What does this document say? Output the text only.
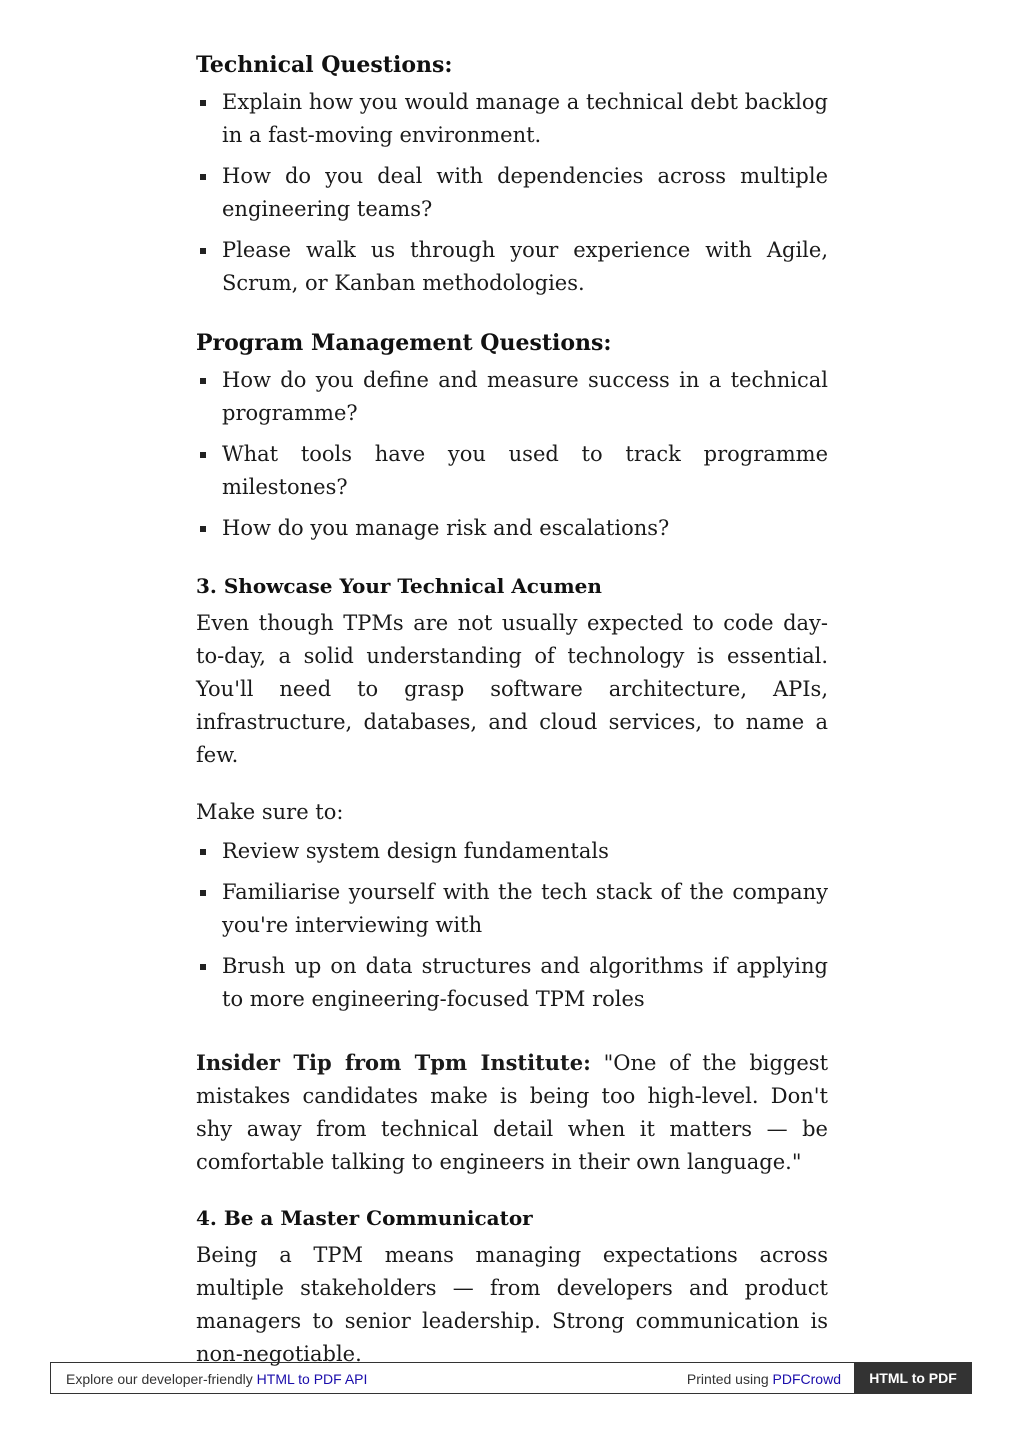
Technical Questions:
Explain how you would manage a technical debt backlog in a fast-moving environment.
How do you deal with dependencies across multiple engineering teams?
Please walk us through your experience with Agile, Scrum, or Kanban methodologies.
Program Management Questions:
How do you define and measure success in a technical programme?
What tools have you used to track programme milestones?
How do you manage risk and escalations?
3. Showcase Your Technical Acumen

Even though TPMs are not usually expected to code day-to-day, a solid understanding of technology is essential. You'll need to grasp software architecture, APIs, infrastructure, databases, and cloud services, to name a few.

Make sure to:

Review system design fundamentals
Familiarise yourself with the tech stack of the company you're interviewing with
Brush up on data structures and algorithms if applying to more engineering-focused TPM roles

Insider Tip from Tpm Institute: "One of the biggest mistakes candidates make is being too high-level. Don't shy away from technical detail when it matters — be comfortable talking to engineers in their own language."

4. Be a Master Communicator

Being a TPM means managing expectations across multiple stakeholders — from developers and product managers to senior leadership. Strong communication is non-negotiable.

Explore our developer-friendly HTML to PDF API	Printed using PDFCrowd	HTML to PDF
